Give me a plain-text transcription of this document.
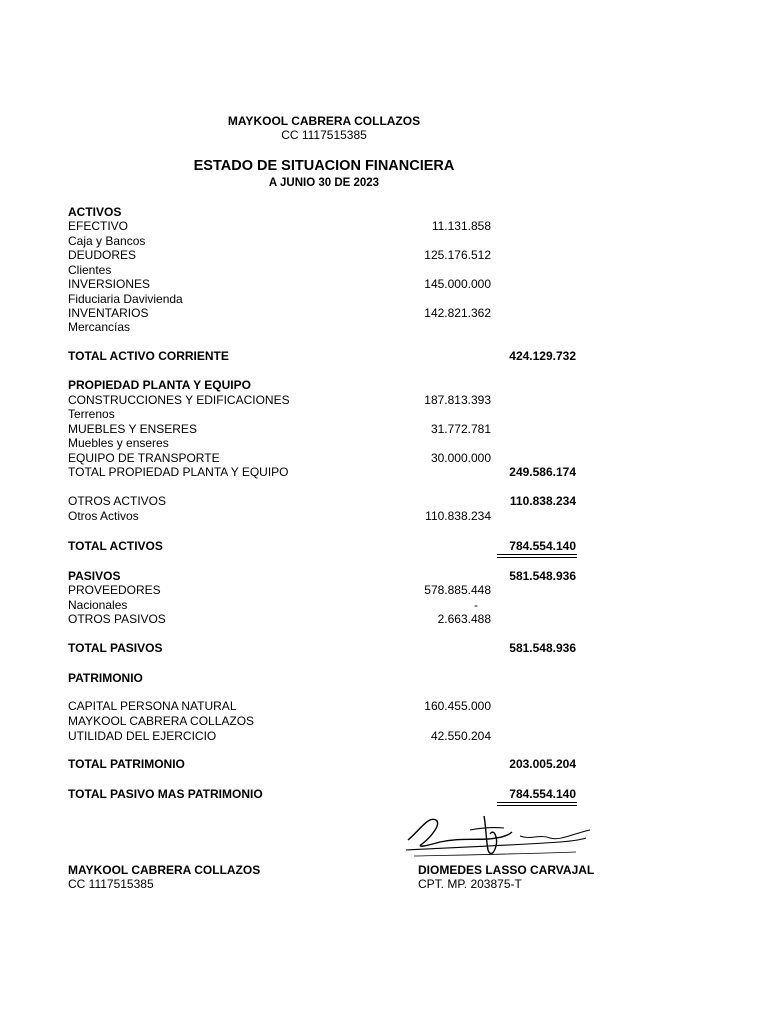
MAYKOOL CABRERA COLLAZOS
CC 1117515385
ESTADO DE SITUACION FINANCIERA
A JUNIO 30 DE 2023
ACTIVOS
EFECTIVO	11.131.858
Caja y Bancos
DEUDORES	125.176.512
Clientes
INVERSIONES	145.000.000
Fiduciaria Davivienda
INVENTARIOS	142.821.362
Mercancías
TOTAL ACTIVO CORRIENTE	424.129.732
PROPIEDAD PLANTA Y EQUIPO
CONSTRUCCIONES Y EDIFICACIONES	187.813.393
Terrenos
MUEBLES Y ENSERES	31.772.781
Muebles y enseres
EQUIPO DE TRANSPORTE	30.000.000
TOTAL PROPIEDAD PLANTA Y EQUIPO	249.586.174
OTROS ACTIVOS	110.838.234
Otros Activos	110.838.234
TOTAL ACTIVOS	784.554.140
PASIVOS	581.548.936
PROVEEDORES	578.885.448
Nacionales	-
OTROS PASIVOS	2.663.488
TOTAL PASIVOS	581.548.936
PATRIMONIO
CAPITAL PERSONA NATURAL	160.455.000
MAYKOOL CABRERA COLLAZOS
UTILIDAD DEL EJERCICIO	42.550.204
TOTAL PATRIMONIO	203.005.204
TOTAL PASIVO MAS PATRIMONIO	784.554.140
MAYKOOL CABRERA COLLAZOS
CC 1117515385
DIOMEDES LASSO CARVAJAL
CPT. MP. 203875-T
